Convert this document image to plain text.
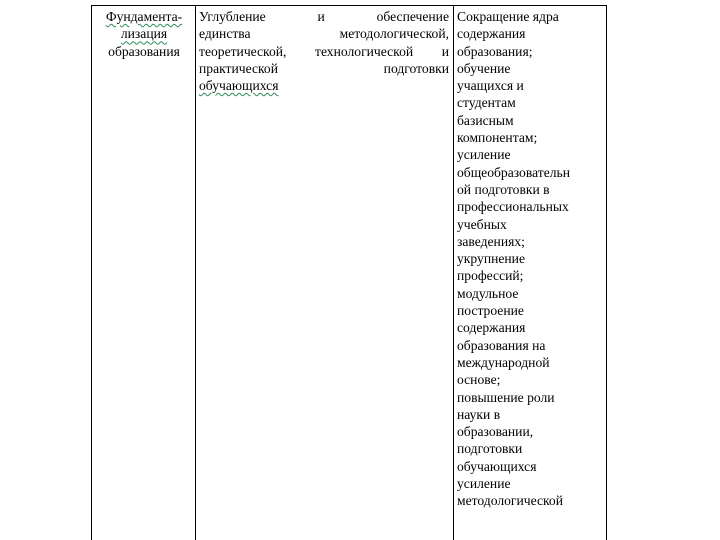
Фундамента-
лизация
образования
Углубление и обеспечение
единства методологической,
теоретической, технологической и
практической подготовки
обучающихся
Сокращение ядра
содержания
образования;
обучение
учащихся и
студентам
базисным
компонентам;
усиление
общеобразовательн
ой подготовки в
профессиональных
учебных
заведениях;
укрупнение
профессий;
модульное
построение
содержания
образования на
международной
основе;
повышение роли
науки в
образовании,
подготовки
обучающихся
усиление
методологической
